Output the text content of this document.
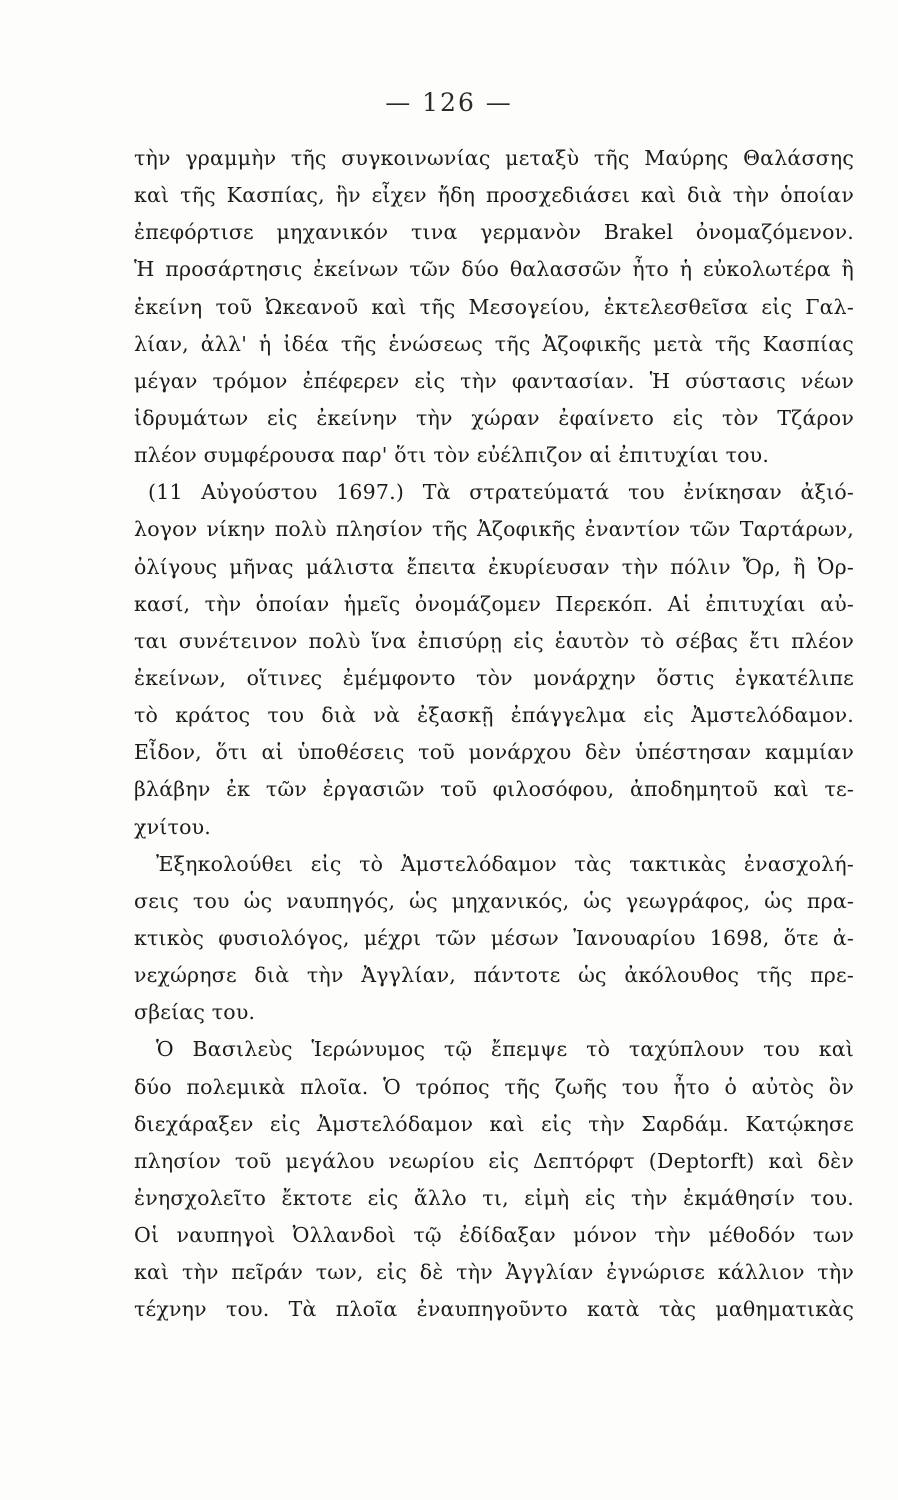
— 126 —
τὴν γραμμὴν τῆς συγκοινωνίας μεταξὺ τῆς Μαύρης Θαλάσσης
καὶ τῆς Κασπίας, ἣν εἶχεν ἤδη προσχεδιάσει καὶ διὰ τὴν ὁποίαν
ἐπεφόρτισε μηχανικόν τινα γερμανὸν Brakel ὀνομαζόμενον.
Ἡ προσάρτησις ἐκείνων τῶν δύο θαλασσῶν ἦτο ἡ εὐκολωτέρα ἢ
ἐκείνη τοῦ Ὠκεανοῦ καὶ τῆς Μεσογείου, ἐκτελεσθεῖσα εἰς Γαλ-
λίαν, ἀλλ' ἡ ἰδέα τῆς ἑνώσεως τῆς Ἀζοφικῆς μετὰ τῆς Κασπίας
μέγαν τρόμον ἐπέφερεν εἰς τὴν φαντασίαν. Ἡ σύστασις νέων
ἱδρυμάτων εἰς ἐκείνην τὴν χώραν ἐφαίνετο εἰς τὸν Τζάρον
πλέον συμφέρουσα παρ' ὅτι τὸν εὐέλπιζον αἱ ἐπιτυχίαι του.
(11 Αὐγούστου 1697.) Τὰ στρατεύματά του ἐνίκησαν ἀξιό-
λογον νίκην πολὺ πλησίον τῆς Ἀζοφικῆς ἐναντίον τῶν Ταρτάρων,
ὀλίγους μῆνας μάλιστα ἔπειτα ἐκυρίευσαν τὴν πόλιν Ὄρ, ἢ Ὀρ-
κασί, τὴν ὁποίαν ἡμεῖς ὀνομάζομεν Περεκόπ. Αἱ ἐπιτυχίαι αὐ-
ται συνέτεινον πολὺ ἵνα ἐπισύρῃ εἰς ἑαυτὸν τὸ σέβας ἔτι πλέον
ἐκείνων, οἵτινες ἐμέμφοντο τὸν μονάρχην ὅστις ἐγκατέλιπε
τὸ κράτος του διὰ νὰ ἐξασκῇ ἐπάγγελμα εἰς Ἀμστελόδαμον.
Εἶδον, ὅτι αἱ ὑποθέσεις τοῦ μονάρχου δὲν ὑπέστησαν καμμίαν
βλάβην ἐκ τῶν ἐργασιῶν τοῦ φιλοσόφου, ἀποδημητοῦ καὶ τε-
χνίτου.
Ἐξηκολούθει εἰς τὸ Ἀμστελόδαμον τὰς τακτικὰς ἐνασχολή-
σεις του ὡς ναυπηγός, ὡς μηχανικός, ὡς γεωγράφος, ὡς πρα-
κτικὸς φυσιολόγος, μέχρι τῶν μέσων Ἰανουαρίου 1698, ὅτε ἀ-
νεχώρησε διὰ τὴν Ἀγγλίαν, πάντοτε ὡς ἀκόλουθος τῆς πρε-
σβείας του.
Ὁ Βασιλεὺς Ἱερώνυμος τῷ ἔπεμψε τὸ ταχύπλουν του καὶ
δύο πολεμικὰ πλοῖα. Ὁ τρόπος τῆς ζωῆς του ἦτο ὁ αὐτὸς ὃν
διεχάραξεν εἰς Ἀμστελόδαμον καὶ εἰς τὴν Σαρδάμ. Κατῴκησε
πλησίον τοῦ μεγάλου νεωρίου εἰς Δεπτόρφτ (Deptorft) καὶ δὲν
ἐνησχολεῖτο ἔκτοτε εἰς ἄλλο τι, εἰμὴ εἰς τὴν ἐκμάθησίν του.
Οἱ ναυπηγοὶ Ὀλλανδοὶ τῷ ἐδίδαξαν μόνον τὴν μέθοδόν των
καὶ τὴν πεῖράν των, εἰς δὲ τὴν Ἀγγλίαν ἐγνώρισε κάλλιον τὴν
τέχνην του. Τὰ πλοῖα ἐναυπηγοῦντο κατὰ τὰς μαθηματικὰς
